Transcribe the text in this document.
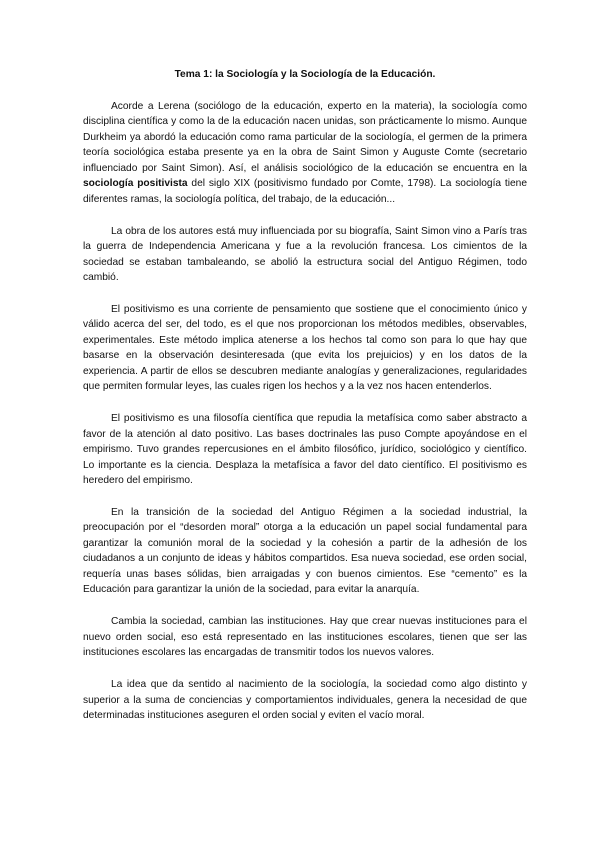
Tema 1: la Sociología y la Sociología de la Educación.

Acorde a Lerena (sociólogo de la educación, experto en la materia), la sociología como disciplina científica y como la de la educación nacen unidas, son prácticamente lo mismo. Aunque Durkheim ya abordó la educación como rama particular de la sociología, el germen de la primera teoría sociológica estaba presente ya en la obra de Saint Simon y Auguste Comte (secretario influenciado por Saint Simon). Así, el análisis sociológico de la educación se encuentra en la sociología positivista del siglo XIX (positivismo fundado por Comte, 1798). La sociología tiene diferentes ramas, la sociología política, del trabajo, de la educación...

La obra de los autores está muy influenciada por su biografía, Saint Simon vino a París tras la guerra de Independencia Americana y fue a la revolución francesa. Los cimientos de la sociedad se estaban tambaleando, se abolió la estructura social del Antiguo Régimen, todo cambió.

El positivismo es una corriente de pensamiento que sostiene que el conocimiento único y válido acerca del ser, del todo, es el que nos proporcionan los métodos medibles, observables, experimentales. Este método implica atenerse a los hechos tal como son para lo que hay que basarse en la observación desinteresada (que evita los prejuicios) y en los datos de la experiencia. A partir de ellos se descubren mediante analogías y generalizaciones, regularidades que permiten formular leyes, las cuales rigen los hechos y a la vez nos hacen entenderlos.

El positivismo es una filosofía científica que repudia la metafísica como saber abstracto a favor de la atención al dato positivo. Las bases doctrinales las puso Compte apoyándose en el empirismo. Tuvo grandes repercusiones en el ámbito filosófico, jurídico, sociológico y científico. Lo importante es la ciencia. Desplaza la metafísica a favor del dato científico. El positivismo es heredero del empirismo.

En la transición de la sociedad del Antiguo Régimen a la sociedad industrial, la preocupación por el “desorden moral” otorga a la educación un papel social fundamental para garantizar la comunión moral de la sociedad y la cohesión a partir de la adhesión de los ciudadanos a un conjunto de ideas y hábitos compartidos. Esa nueva sociedad, ese orden social, requería unas bases sólidas, bien arraigadas y con buenos cimientos. Ese “cemento” es la Educación para garantizar la unión de la sociedad, para evitar la anarquía.

Cambia la sociedad, cambian las instituciones. Hay que crear nuevas instituciones para el nuevo orden social, eso está representado en las instituciones escolares, tienen que ser las instituciones escolares las encargadas de transmitir todos los nuevos valores.

La idea que da sentido al nacimiento de la sociología, la sociedad como algo distinto y superior a la suma de conciencias y comportamientos individuales, genera la necesidad de que determinadas instituciones aseguren el orden social y eviten el vacío moral.
